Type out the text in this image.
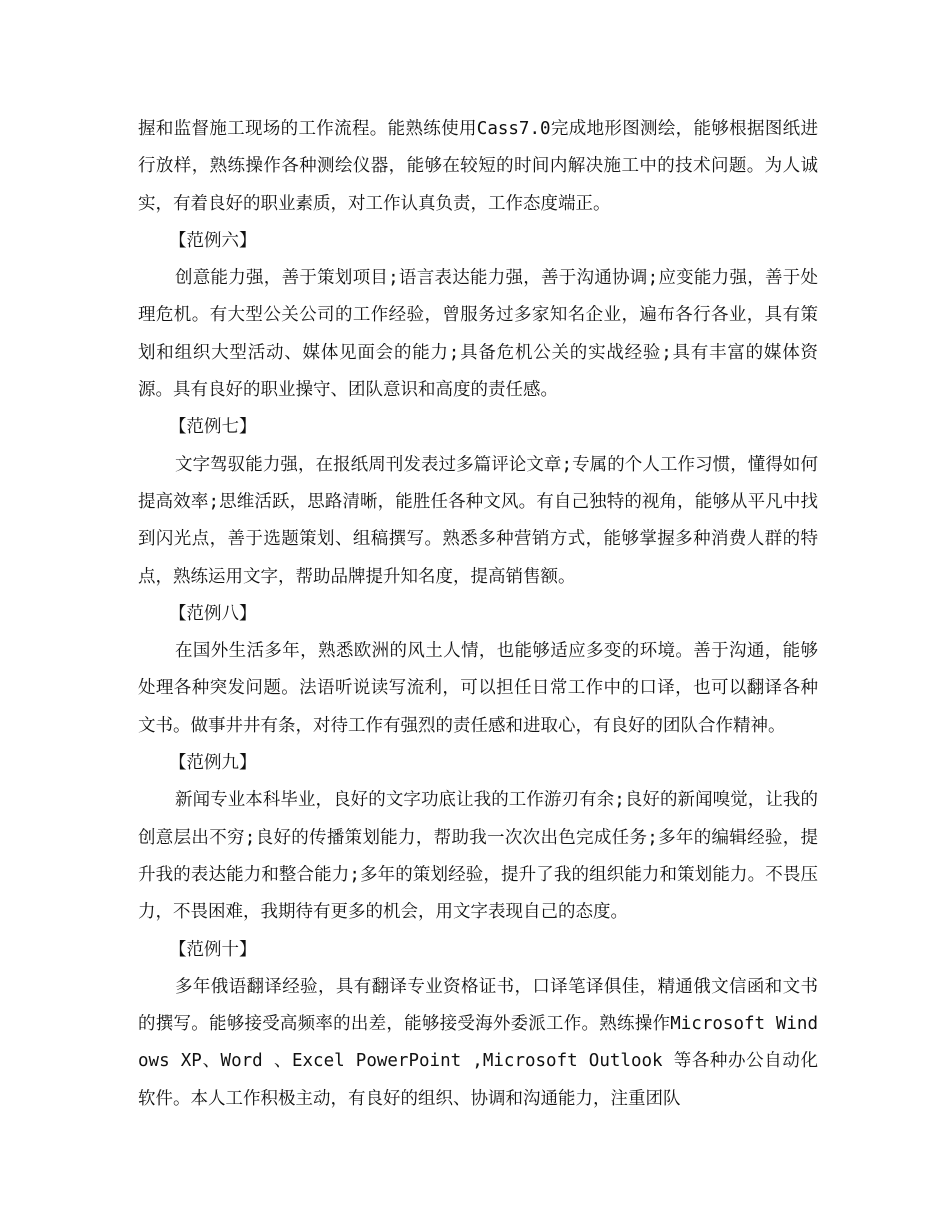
握和监督施工现场的工作流程。能熟练使用Cass7.0完成地形图测绘，能够根据图纸进行放样，熟练操作各种测绘仪器，能够在较短的时间内解决施工中的技术问题。为人诚实，有着良好的职业素质，对工作认真负责，工作态度端正。

【范例六】

创意能力强，善于策划项目;语言表达能力强，善于沟通协调;应变能力强，善于处理危机。有大型公关公司的工作经验，曾服务过多家知名企业，遍布各行各业，具有策划和组织大型活动、媒体见面会的能力;具备危机公关的实战经验;具有丰富的媒体资源。具有良好的职业操守、团队意识和高度的责任感。

【范例七】

文字驾驭能力强，在报纸周刊发表过多篇评论文章;专属的个人工作习惯，懂得如何提高效率;思维活跃，思路清晰，能胜任各种文风。有自己独特的视角，能够从平凡中找到闪光点，善于选题策划、组稿撰写。熟悉多种营销方式，能够掌握多种消费人群的特点，熟练运用文字，帮助品牌提升知名度，提高销售额。

【范例八】

在国外生活多年，熟悉欧洲的风土人情，也能够适应多变的环境。善于沟通，能够处理各种突发问题。法语听说读写流利，可以担任日常工作中的口译，也可以翻译各种文书。做事井井有条，对待工作有强烈的责任感和进取心，有良好的团队合作精神。

【范例九】

新闻专业本科毕业，良好的文字功底让我的工作游刃有余;良好的新闻嗅觉，让我的创意层出不穷;良好的传播策划能力，帮助我一次次出色完成任务;多年的编辑经验，提升我的表达能力和整合能力;多年的策划经验，提升了我的组织能力和策划能力。不畏压力，不畏困难，我期待有更多的机会，用文字表现自己的态度。

【范例十】

多年俄语翻译经验，具有翻译专业资格证书，口译笔译俱佳，精通俄文信函和文书的撰写。能够接受高频率的出差，能够接受海外委派工作。熟练操作Microsoft Windows XP、Word 、Excel PowerPoint ,Microsoft Outlook 等各种办公自动化软件。本人工作积极主动，有良好的组织、协调和沟通能力，注重团队
